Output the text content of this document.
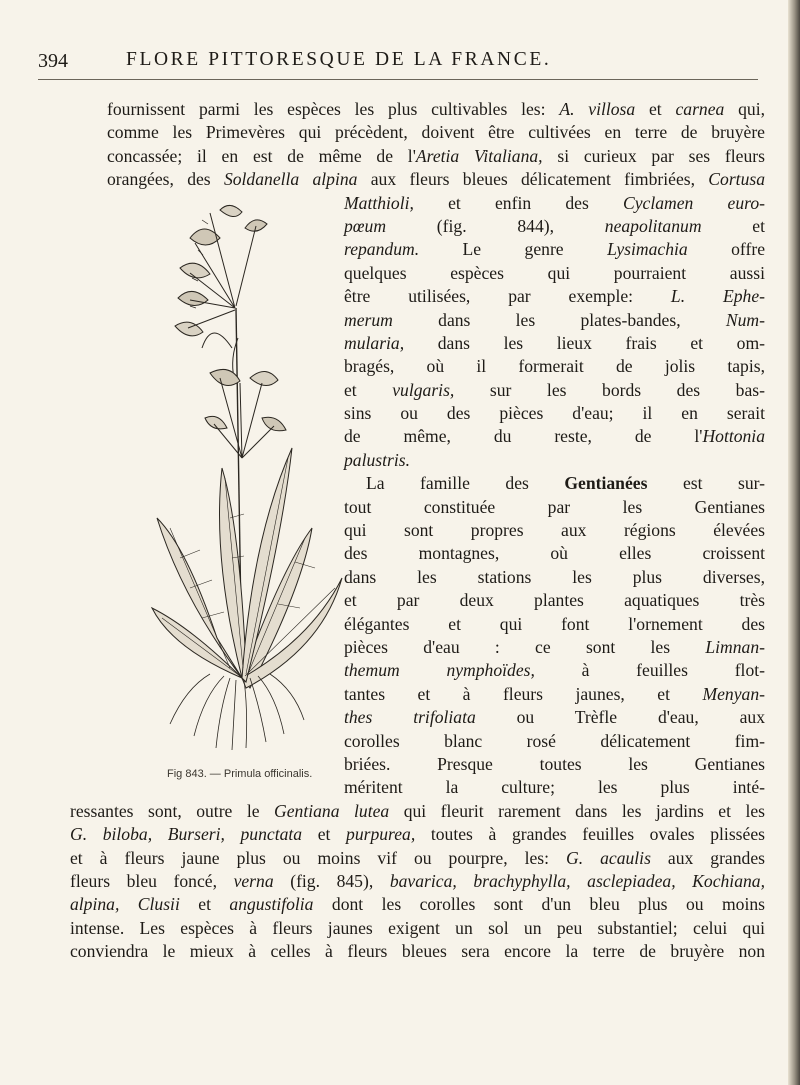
394	FLORE PITTORESQUE DE LA FRANCE.
fournissent parmi les espèces les plus cultivables les: A. villosa et carnea qui,
comme les Primevères qui précèdent, doivent être cultivées en terre de bruyère
concassée; il en est de même de l'Aretia Vitaliana, si curieux par ses fleurs
orangées, des Soldanella alpina aux fleurs bleues délicatement fimbriées, Cortusa
Matthioli, et enfin des Cyclamen euro-
pœum (fig. 844), neapolitanum et
repandum. Le genre Lysimachia offre
quelques espèces qui pourraient aussi
être utilisées, par exemple: L. Ephe-
merum dans les plates-bandes, Num-
mularia, dans les lieux frais et om-
bragés, où il formerait de jolis tapis,
et vulgaris, sur les bords des bas-
sins ou des pièces d'eau; il en serait
de même, du reste, de l'Hottonia
palustris.
La famille des Gentianées est sur-
tout constituée par les Gentianes
qui sont propres aux régions élevées
des montagnes, où elles croissent
dans les stations les plus diverses,
et par deux plantes aquatiques très
élégantes et qui font l'ornement des
pièces d'eau : ce sont les Limnan-
themum nymphoïdes, à feuilles flot-
tantes et à fleurs jaunes, et Menyan-
thes trifoliata ou Trèfle d'eau, aux
corolles blanc rosé délicatement fim-
briées. Presque toutes les Gentianes
méritent la culture; les plus inté-
ressantes sont, outre le Gentiana lutea qui fleurit rarement dans les jardins et les
G. biloba, Burseri, punctata et purpurea, toutes à grandes feuilles ovales plissées
et à fleurs jaune plus ou moins vif ou pourpre, les: G. acaulis aux grandes
fleurs bleu foncé, verna (fig. 845), bavarica, brachyphylla, asclepiadea, Kochiana,
alpina, Clusii et angustifolia dont les corolles sont d'un bleu plus ou moins
intense. Les espèces à fleurs jaunes exigent un sol un peu substantiel; celui qui
conviendra le mieux à celles à fleurs bleues sera encore la terre de bruyère non
Fig 843. — Primula officinalis.
